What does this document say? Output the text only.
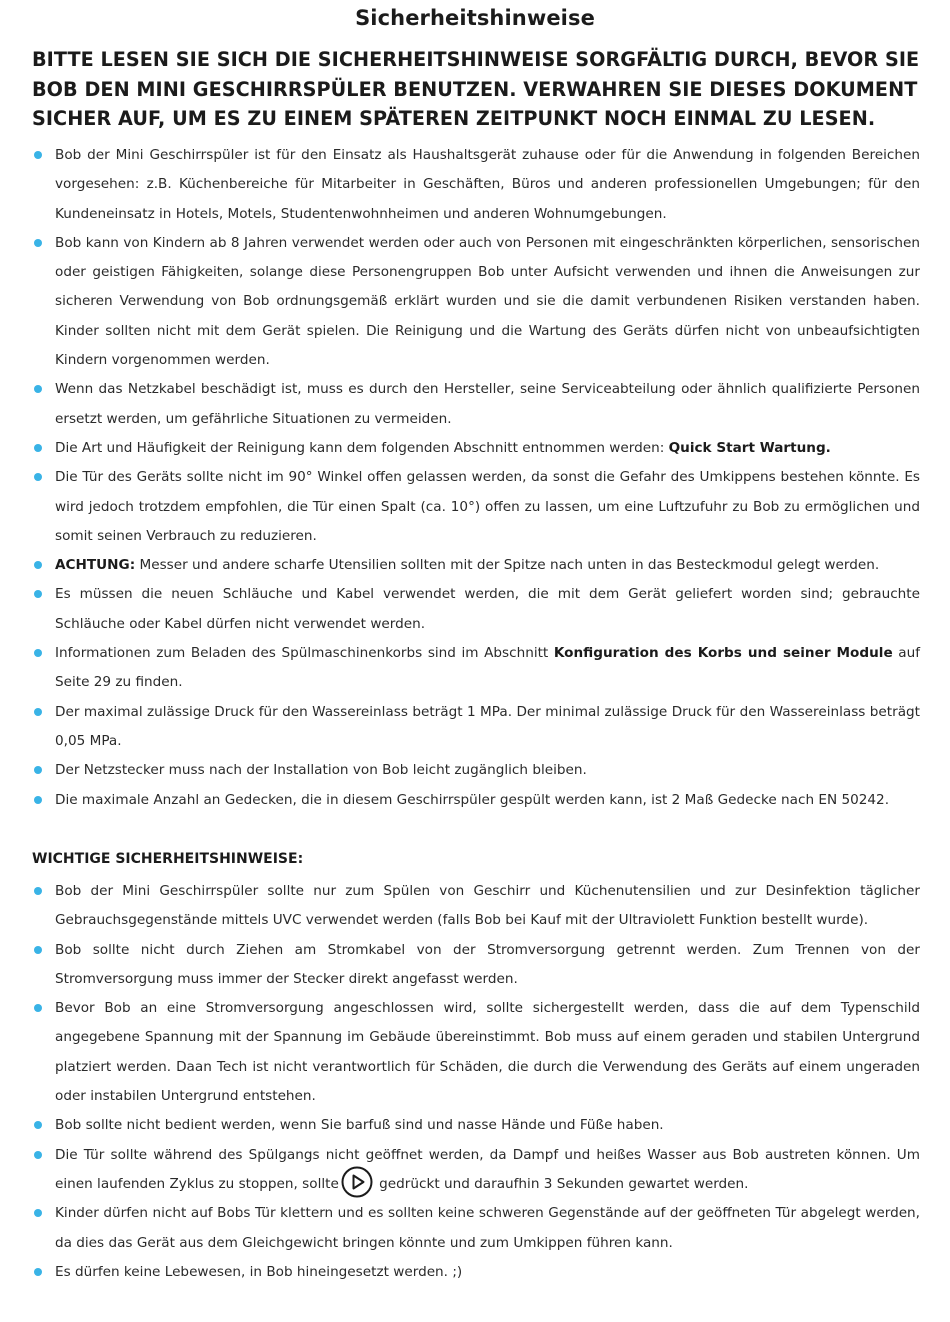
Sicherheitshinweise

BITTE LESEN SIE SICH DIE SICHERHEITSHINWEISE SORGFÄLTIG DURCH, BEVOR SIE BOB DEN MINI GESCHIRRSPÜLER BENUTZEN. VERWAHREN SIE DIESES DOKUMENT SICHER AUF, UM ES ZU EINEM SPÄTEREN ZEITPUNKT NOCH EINMAL ZU LESEN.

Bob der Mini Geschirrspüler ist für den Einsatz als Haushaltsgerät zuhause oder für die Anwendung in folgenden Bereichen vorgesehen: z.B. Küchenbereiche für Mitarbeiter in Geschäften, Büros und anderen professionellen Umgebungen; für den Kundeneinsatz in Hotels, Motels, Studentenwohnheimen und anderen Wohnumgebungen.
Bob kann von Kindern ab 8 Jahren verwendet werden oder auch von Personen mit eingeschränkten körperlichen, sensorischen oder geistigen Fähigkeiten, solange diese Personengruppen Bob unter Aufsicht verwenden und ihnen die Anweisungen zur sicheren Verwendung von Bob ordnungsgemäß erklärt wurden und sie die damit verbundenen Risiken verstanden haben. Kinder sollten nicht mit dem Gerät spielen. Die Reinigung und die Wartung des Geräts dürfen nicht von unbeaufsichtigten Kindern vorgenommen werden.
Wenn das Netzkabel beschädigt ist, muss es durch den Hersteller, seine Serviceabteilung oder ähnlich qualifizierte Personen ersetzt werden, um gefährliche Situationen zu vermeiden.
Die Art und Häufigkeit der Reinigung kann dem folgenden Abschnitt entnommen werden: Quick Start Wartung.
Die Tür des Geräts sollte nicht im 90° Winkel offen gelassen werden, da sonst die Gefahr des Umkippens bestehen könnte. Es wird jedoch trotzdem empfohlen, die Tür einen Spalt (ca. 10°) offen zu lassen, um eine Luftzufuhr zu Bob zu ermöglichen und somit seinen Verbrauch zu reduzieren.
ACHTUNG: Messer und andere scharfe Utensilien sollten mit der Spitze nach unten in das Besteckmodul gelegt werden.
Es müssen die neuen Schläuche und Kabel verwendet werden, die mit dem Gerät geliefert worden sind; gebrauchte Schläuche oder Kabel dürfen nicht verwendet werden.
Informationen zum Beladen des Spülmaschinenkorbs sind im Abschnitt Konfiguration des Korbs und seiner Module auf Seite 29 zu finden.
Der maximal zulässige Druck für den Wassereinlass beträgt 1 MPa. Der minimal zulässige Druck für den Wassereinlass beträgt 0,05 MPa.
Der Netzstecker muss nach der Installation von Bob leicht zugänglich bleiben.
Die maximale Anzahl an Gedecken, die in diesem Geschirrspüler gespült werden kann, ist 2 Maß Gedecke nach EN 50242.
WICHTIGE SICHERHEITSHINWEISE:
Bob der Mini Geschirrspüler sollte nur zum Spülen von Geschirr und Küchenutensilien und zur Desinfektion täglicher Gebrauchsgegenstände mittels UVC verwendet werden (falls Bob bei Kauf mit der Ultraviolett Funktion bestellt wurde).
Bob sollte nicht durch Ziehen am Stromkabel von der Stromversorgung getrennt werden. Zum Trennen von der Stromversorgung muss immer der Stecker direkt angefasst werden.
Bevor Bob an eine Stromversorgung angeschlossen wird, sollte sichergestellt werden, dass die auf dem Typenschild angegebene Spannung mit der Spannung im Gebäude übereinstimmt. Bob muss auf einem geraden und stabilen Untergrund platziert werden. Daan Tech ist nicht verantwortlich für Schäden, die durch die Verwendung des Geräts auf einem ungeraden oder instabilen Untergrund entstehen.
Bob sollte nicht bedient werden, wenn Sie barfuß sind und nasse Hände und Füße haben.
Die Tür sollte während des Spülgangs nicht geöffnet werden, da Dampf und heißes Wasser aus Bob austreten können. Um einen laufenden Zyklus zu stoppen, sollte	gedrückt und daraufhin 3 Sekunden gewartet werden.
Kinder dürfen nicht auf Bobs Tür klettern und es sollten keine schweren Gegenstände auf der geöffneten Tür abgelegt werden, da dies das Gerät aus dem Gleichgewicht bringen könnte und zum Umkippen führen kann.
Es dürfen keine Lebewesen, in Bob hineingesetzt werden. ;)
